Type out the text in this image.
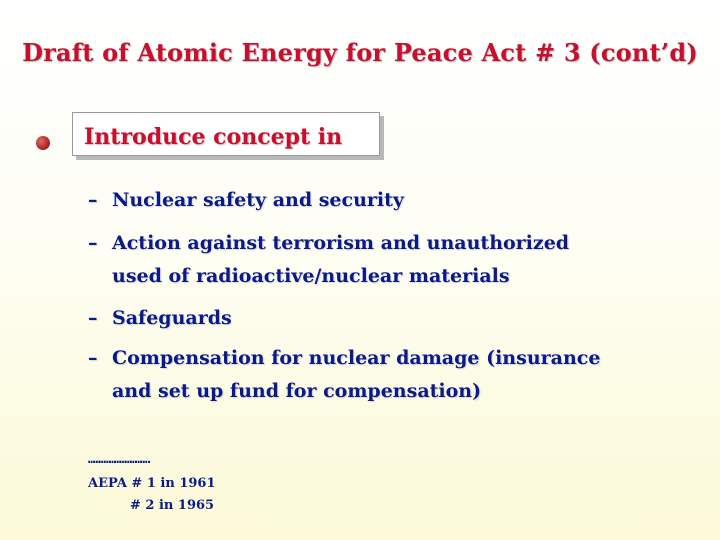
Draft of Atomic Energy for Peace Act # 3 (cont’d)
Introduce concept in
– Nuclear safety and security
– Action against terrorism and unauthorized
used of radioactive/nuclear materials
– Safeguards
– Compensation for nuclear damage (insurance
and set up fund for compensation)
…………………………….
AEPA # 1 in 1961
# 2 in 1965
